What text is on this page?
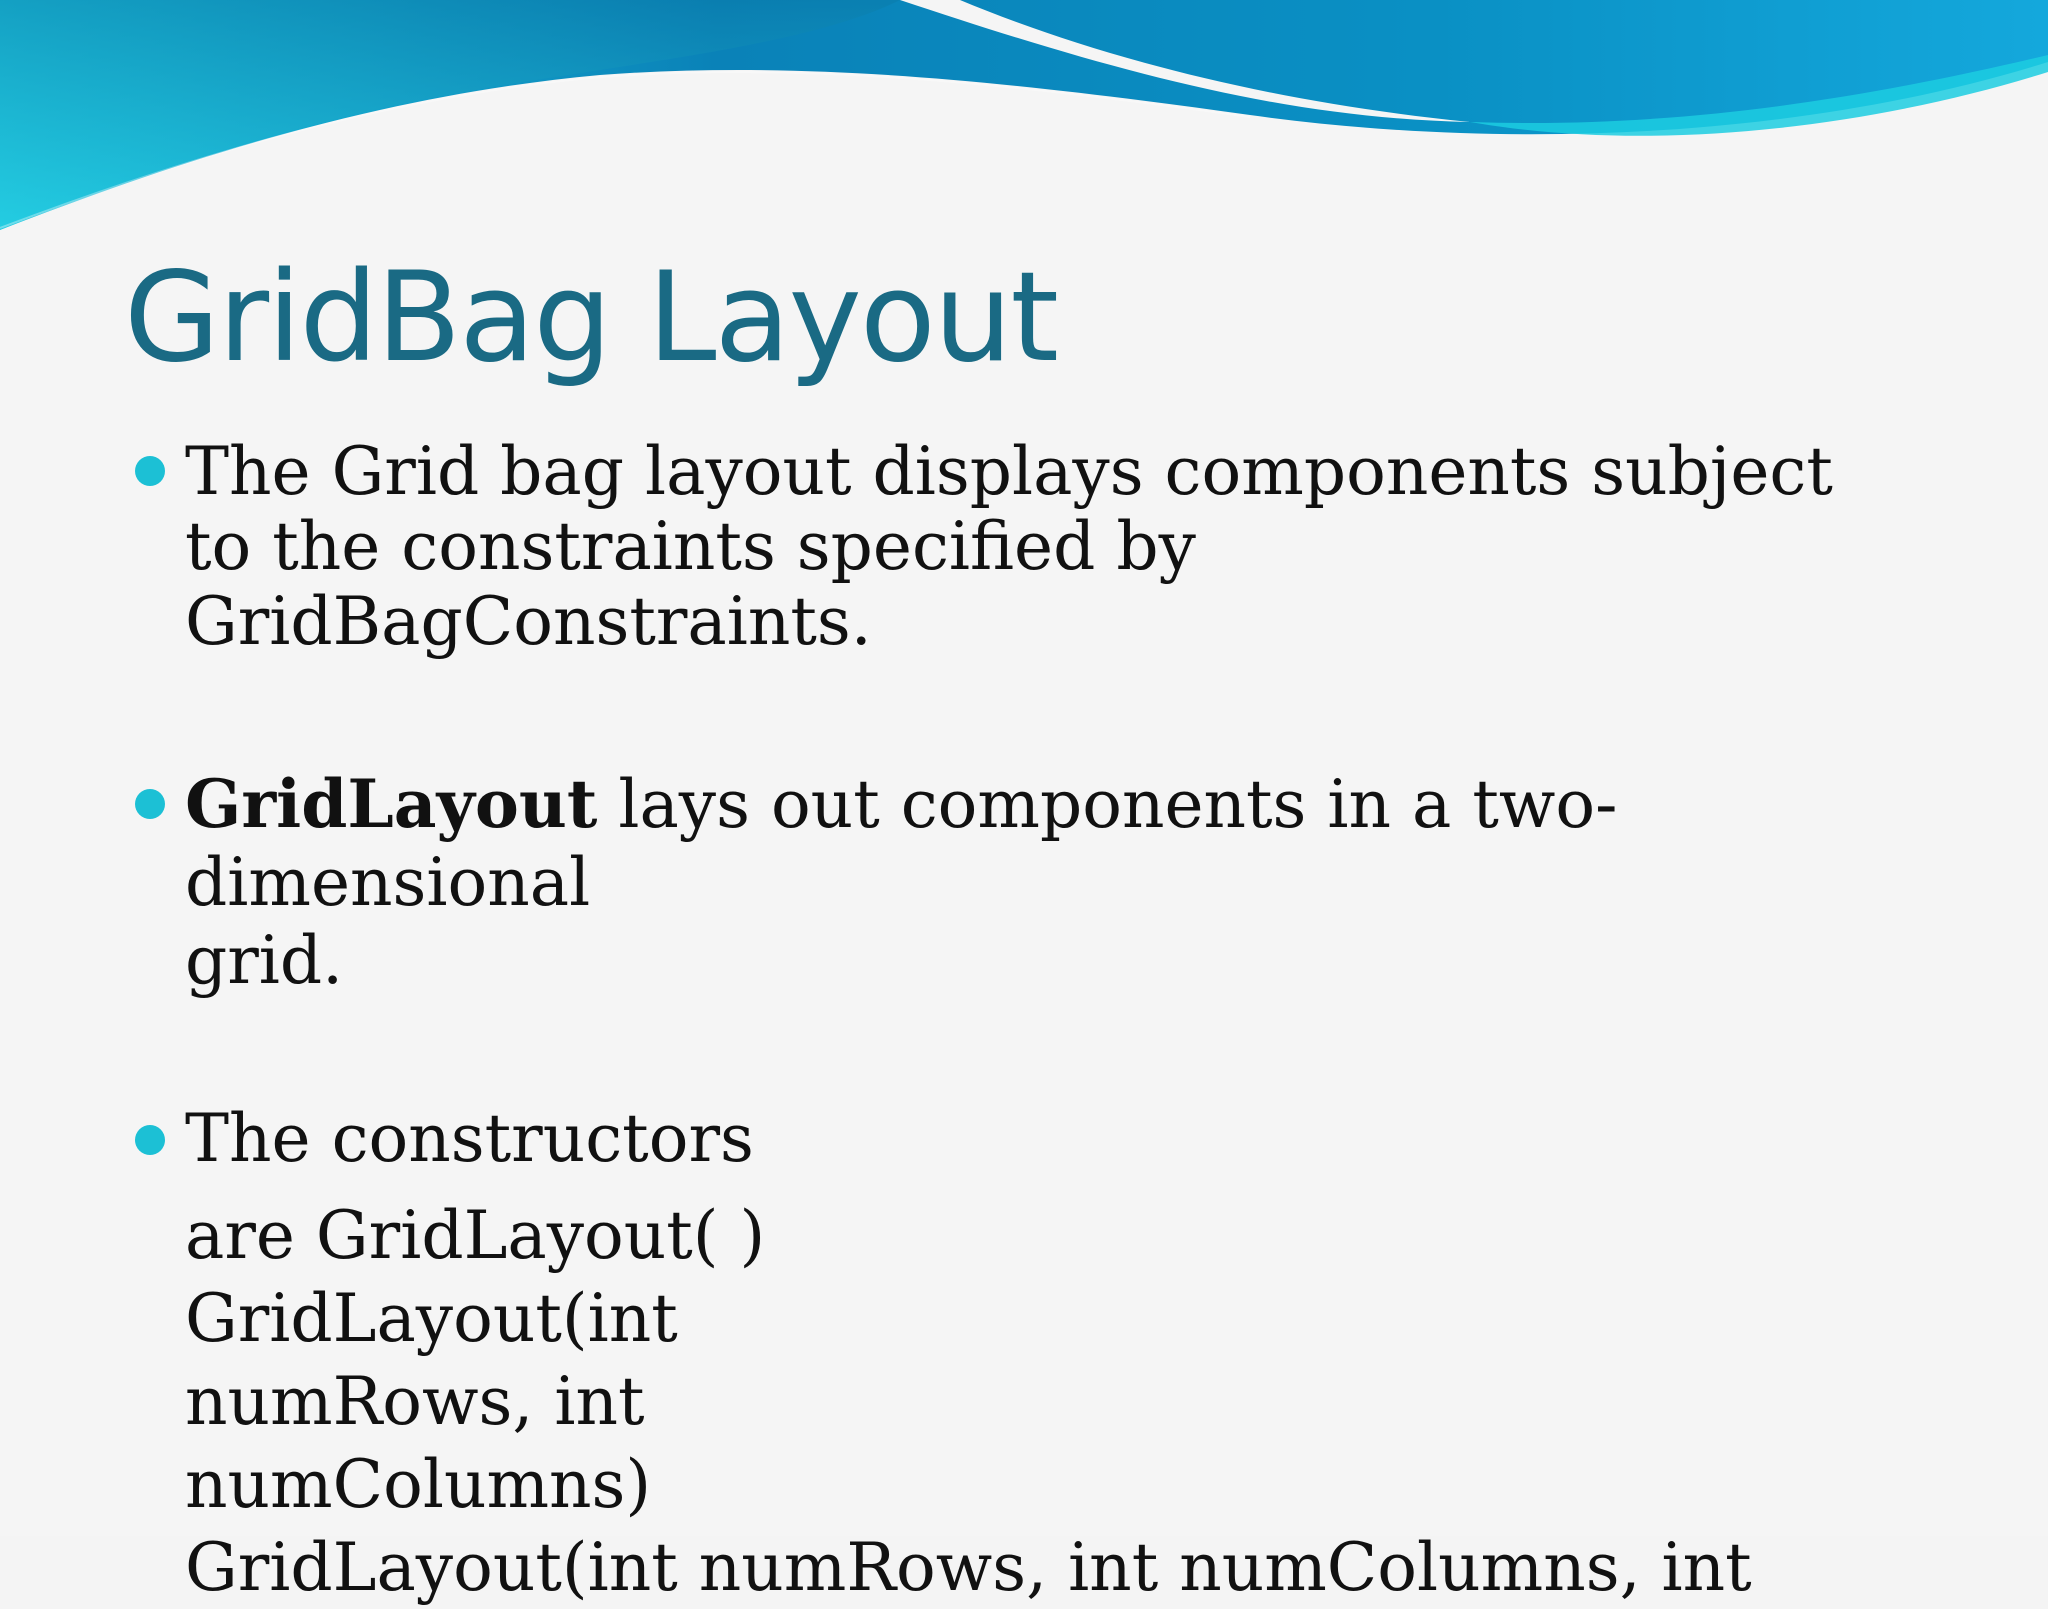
GridBag Layout
The Grid bag layout displays components subject
to the constraints specified by
GridBagConstraints.
GridLayout lays out components in a two-
dimensional
grid.
The constructors
are GridLayout( )
GridLayout(int
numRows, int
numColumns)
GridLayout(int numRows, int numColumns, int
